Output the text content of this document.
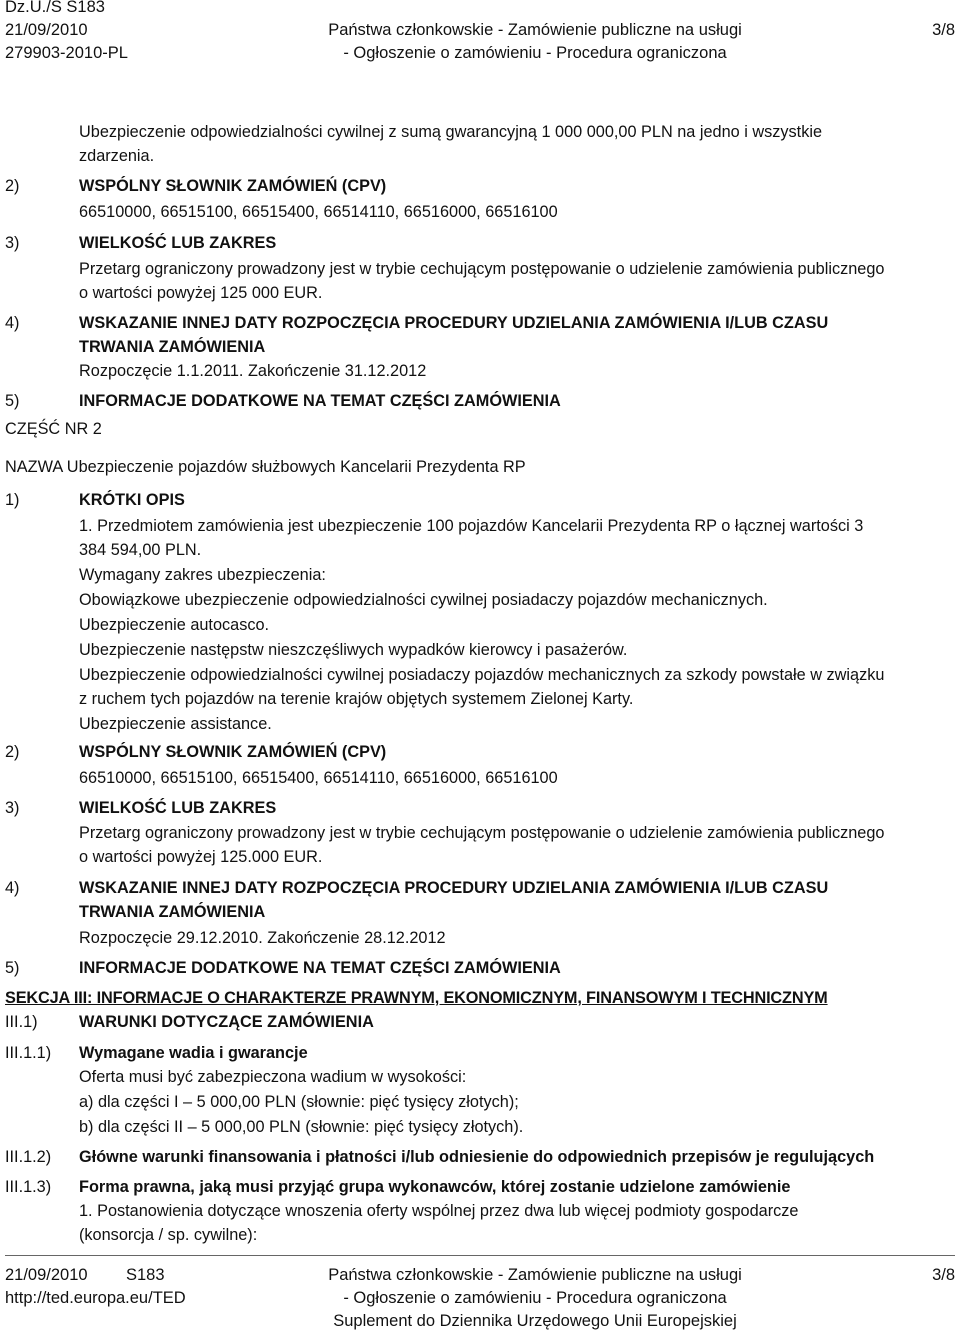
Dz.U./S S183
21/09/2010
279903-2010-PL
Państwa członkowskie - Zamówienie publiczne na usługi
- Ogłoszenie o zamówieniu - Procedura ograniczona
3/8
Ubezpieczenie odpowiedzialności cywilnej z sumą gwarancyjną 1 000 000,00 PLN na jedno i wszystkie
zdarzenia.
2)	WSPÓLNY SŁOWNIK ZAMÓWIEŃ (CPV)
66510000, 66515100, 66515400, 66514110, 66516000, 66516100
3)	WIELKOŚĆ LUB ZAKRES
Przetarg ograniczony prowadzony jest w trybie cechującym postępowanie o udzielenie zamówienia publicznego
o wartości powyżej 125 000 EUR.
4)	WSKAZANIE INNEJ DATY ROZPOCZĘCIA PROCEDURY UDZIELANIA ZAMÓWIENIA I/LUB CZASU
TRWANIA ZAMÓWIENIA
Rozpoczęcie 1.1.2011. Zakończenie 31.12.2012
5)	INFORMACJE DODATKOWE NA TEMAT CZĘŚCI ZAMÓWIENIA
CZĘŚĆ NR 2
NAZWA Ubezpieczenie pojazdów służbowych Kancelarii Prezydenta RP
1)	KRÓTKI OPIS
1. Przedmiotem zamówienia jest ubezpieczenie 100 pojazdów Kancelarii Prezydenta RP o łącznej wartości 3
384 594,00 PLN.
Wymagany zakres ubezpieczenia:
Obowiązkowe ubezpieczenie odpowiedzialności cywilnej posiadaczy pojazdów mechanicznych.
Ubezpieczenie autocasco.
Ubezpieczenie następstw nieszczęśliwych wypadków kierowcy i pasażerów.
Ubezpieczenie odpowiedzialności cywilnej posiadaczy pojazdów mechanicznych za szkody powstałe w związku
z ruchem tych pojazdów na terenie krajów objętych systemem Zielonej Karty.
Ubezpieczenie assistance.
2)	WSPÓLNY SŁOWNIK ZAMÓWIEŃ (CPV)
66510000, 66515100, 66515400, 66514110, 66516000, 66516100
3)	WIELKOŚĆ LUB ZAKRES
Przetarg ograniczony prowadzony jest w trybie cechującym postępowanie o udzielenie zamówienia publicznego
o wartości powyżej 125.000 EUR.
4)	WSKAZANIE INNEJ DATY ROZPOCZĘCIA PROCEDURY UDZIELANIA ZAMÓWIENIA I/LUB CZASU
TRWANIA ZAMÓWIENIA
Rozpoczęcie 29.12.2010. Zakończenie 28.12.2012
5)	INFORMACJE DODATKOWE NA TEMAT CZĘŚCI ZAMÓWIENIA
SEKCJA III: INFORMACJE O CHARAKTERZE PRAWNYM, EKONOMICZNYM, FINANSOWYM I TECHNICZNYM
III.1)	WARUNKI DOTYCZĄCE ZAMÓWIENIA
III.1.1) Wymagane wadia i gwarancje
Oferta musi być zabezpieczona wadium w wysokości:
a) dla części I – 5 000,00 PLN (słownie: pięć tysięcy złotych);
b) dla części II – 5 000,00 PLN (słownie: pięć tysięcy złotych).
III.1.2) Główne warunki finansowania i płatności i/lub odniesienie do odpowiednich przepisów je regulujących
III.1.3) Forma prawna, jaką musi przyjąć grupa wykonawców, której zostanie udzielone zamówienie
1. Postanowienia dotyczące wnoszenia oferty wspólnej przez dwa lub więcej podmioty gospodarcze
(konsorcja / sp. cywilne):
21/09/2010 S183
http://ted.europa.eu/TED
Państwa członkowskie - Zamówienie publiczne na usługi
- Ogłoszenie o zamówieniu - Procedura ograniczona
Suplement do Dziennika Urzędowego Unii Europejskiej
3/8
